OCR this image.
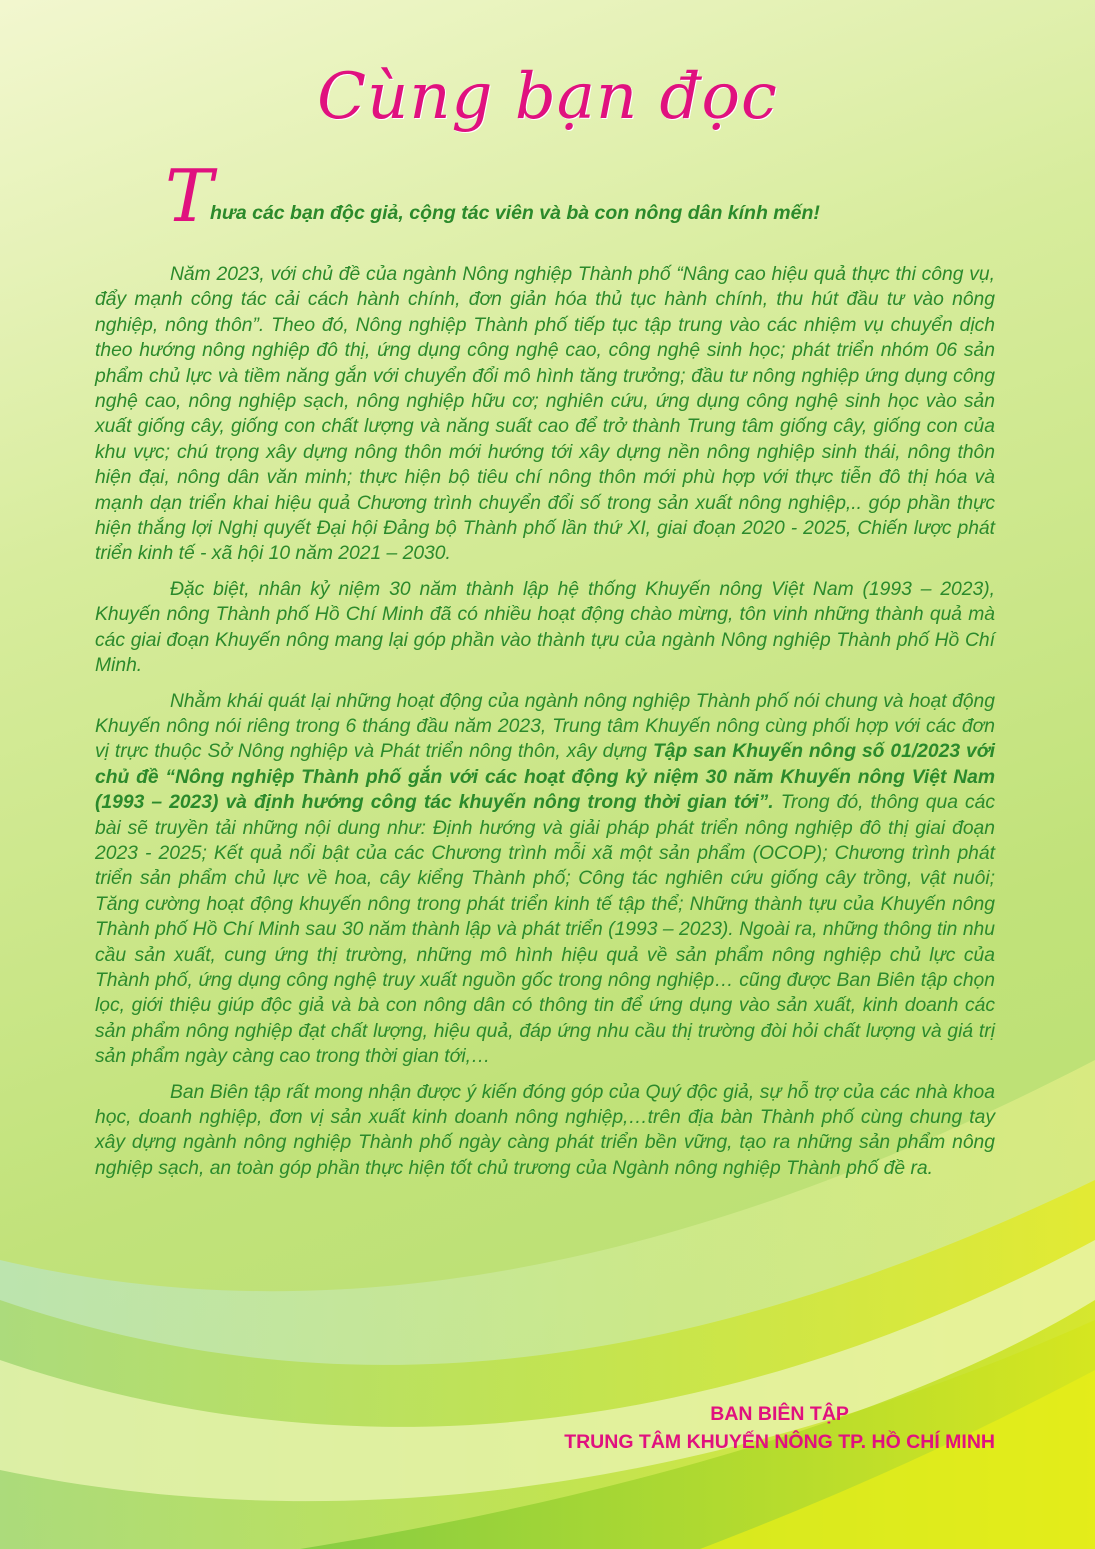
Cùng bạn đọc
T
hưa các bạn độc giả, cộng tác viên và bà con nông dân kính mến!

Năm 2023, với chủ đề của ngành Nông nghiệp Thành phố “Nâng cao hiệu quả thực thi công vụ, đẩy mạnh công tác cải cách hành chính, đơn giản hóa thủ tục hành chính, thu hút đầu tư vào nông nghiệp, nông thôn”. Theo đó, Nông nghiệp Thành phố tiếp tục tập trung vào các nhiệm vụ chuyển dịch theo hướng nông nghiệp đô thị, ứng dụng công nghệ cao, công nghệ sinh học; phát triển nhóm 06 sản phẩm chủ lực và tiềm năng gắn với chuyển đổi mô hình tăng trưởng; đầu tư nông nghiệp ứng dụng công nghệ cao, nông nghiệp sạch, nông nghiệp hữu cơ; nghiên cứu, ứng dụng công nghệ sinh học vào sản xuất giống cây, giống con chất lượng và năng suất cao để trở thành Trung tâm giống cây, giống con của khu vực; chú trọng xây dựng nông thôn mới hướng tới xây dựng nền nông nghiệp sinh thái, nông thôn hiện đại, nông dân văn minh; thực hiện bộ tiêu chí nông thôn mới phù hợp với thực tiễn đô thị hóa và mạnh dạn triển khai hiệu quả Chương trình chuyển đổi số trong sản xuất nông nghiệp,.. góp phần thực hiện thắng lợi Nghị quyết Đại hội Đảng bộ Thành phố lần thứ XI, giai đoạn 2020 - 2025, Chiến lược phát triển kinh tế - xã hội 10 năm 2021 – 2030.

Đặc biệt, nhân kỷ niệm 30 năm thành lập hệ thống Khuyến nông Việt Nam (1993 – 2023), Khuyến nông Thành phố Hồ Chí Minh đã có nhiều hoạt động chào mừng, tôn vinh những thành quả mà các giai đoạn Khuyến nông mang lại góp phần vào thành tựu của ngành Nông nghiệp Thành phố Hồ Chí Minh.

Nhằm khái quát lại những hoạt động của ngành nông nghiệp Thành phố nói chung và hoạt động Khuyến nông nói riêng trong 6 tháng đầu năm 2023, Trung tâm Khuyến nông cùng phối hợp với các đơn vị trực thuộc Sở Nông nghiệp và Phát triển nông thôn, xây dựng Tập san Khuyến nông số 01/2023 với chủ đề “Nông nghiệp Thành phố gắn với các hoạt động kỷ niệm 30 năm Khuyến nông Việt Nam (1993 – 2023) và định hướng công tác khuyến nông trong thời gian tới”. Trong đó, thông qua các bài sẽ truyền tải những nội dung như: Định hướng và giải pháp phát triển nông nghiệp đô thị giai đoạn 2023 - 2025; Kết quả nổi bật của các Chương trình mỗi xã một sản phẩm (OCOP); Chương trình phát triển sản phẩm chủ lực về hoa, cây kiểng Thành phố; Công tác nghiên cứu giống cây trồng, vật nuôi; Tăng cường hoạt động khuyến nông trong phát triển kinh tế tập thể; Những thành tựu của Khuyến nông Thành phố Hồ Chí Minh sau 30 năm thành lập và phát triển (1993 – 2023). Ngoài ra, những thông tin nhu cầu sản xuất, cung ứng thị trường, những mô hình hiệu quả về sản phẩm nông nghiệp chủ lực của Thành phố, ứng dụng công nghệ truy xuất nguồn gốc trong nông nghiệp… cũng được Ban Biên tập chọn lọc, giới thiệu giúp độc giả và bà con nông dân có thông tin để ứng dụng vào sản xuất, kinh doanh các sản phẩm nông nghiệp đạt chất lượng, hiệu quả, đáp ứng nhu cầu thị trường đòi hỏi chất lượng và giá trị sản phẩm ngày càng cao trong thời gian tới,…

Ban Biên tập rất mong nhận được ý kiến đóng góp của Quý độc giả, sự hỗ trợ của các nhà khoa học, doanh nghiệp, đơn vị sản xuất kinh doanh nông nghiệp,…trên địa bàn Thành phố cùng chung tay xây dựng ngành nông nghiệp Thành phố ngày càng phát triển bền vững, tạo ra những sản phẩm nông nghiệp sạch, an toàn góp phần thực hiện tốt chủ trương của Ngành nông nghiệp Thành phố đề ra.

BAN BIÊN TẬP
TRUNG TÂM KHUYẾN NÔNG TP. HỒ CHÍ MINH
